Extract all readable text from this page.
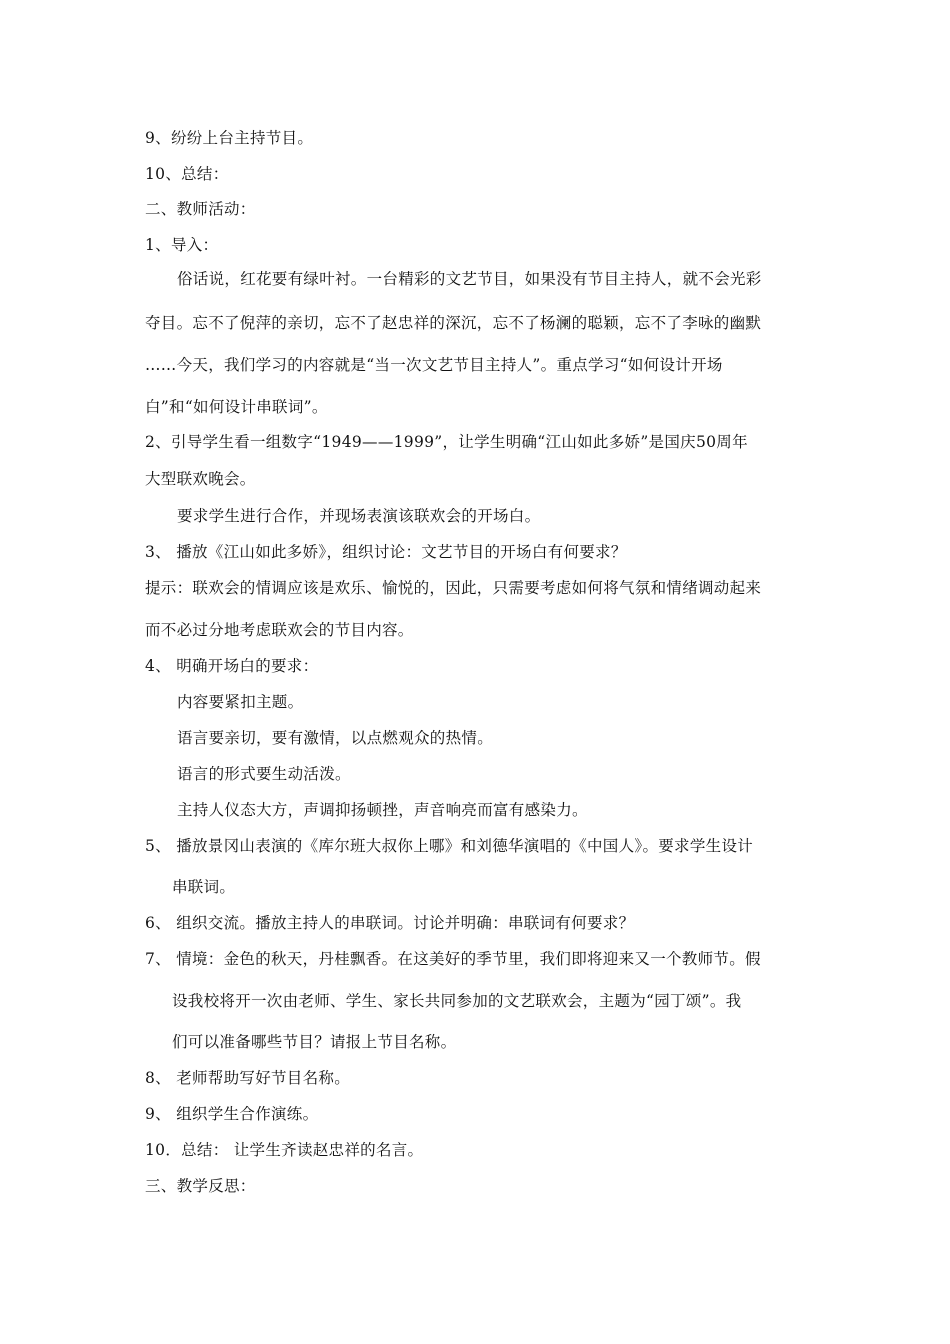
9、纷纷上台主持节目。
10、总结：
二、教师活动：
1、导入：
俗话说，红花要有绿叶衬。一台精彩的文艺节目，如果没有节目主持人，就不会光彩
夺目。忘不了倪萍的亲切，忘不了赵忠祥的深沉，忘不了杨澜的聪颖，忘不了李咏的幽默
……今天，我们学习的内容就是“当一次文艺节目主持人”。重点学习“如何设计开场
白”和“如何设计串联词”。
2、引导学生看一组数字“1949——1999”，让学生明确“江山如此多娇”是国庆50周年
大型联欢晚会。
要求学生进行合作，并现场表演该联欢会的开场白。
3、 播放《江山如此多娇》，组织讨论：文艺节目的开场白有何要求？
提示：联欢会的情调应该是欢乐、愉悦的，因此，只需要考虑如何将气氛和情绪调动起来
而不必过分地考虑联欢会的节目内容。
4、 明确开场白的要求：
内容要紧扣主题。
语言要亲切，要有激情，以点燃观众的热情。
语言的形式要生动活泼。
主持人仪态大方，声调抑扬顿挫，声音响亮而富有感染力。
5、 播放景冈山表演的《库尔班大叔你上哪》和刘德华演唱的《中国人》。要求学生设计
串联词。
6、 组织交流。播放主持人的串联词。讨论并明确：串联词有何要求？
7、 情境：金色的秋天，丹桂飘香。在这美好的季节里，我们即将迎来又一个教师节。假
设我校将开一次由老师、学生、家长共同参加的文艺联欢会，主题为“园丁颂”。我
们可以准备哪些节目？请报上节目名称。
8、 老师帮助写好节目名称。
9、 组织学生合作演练。
10．总结： 让学生齐读赵忠祥的名言。
三、教学反思：
